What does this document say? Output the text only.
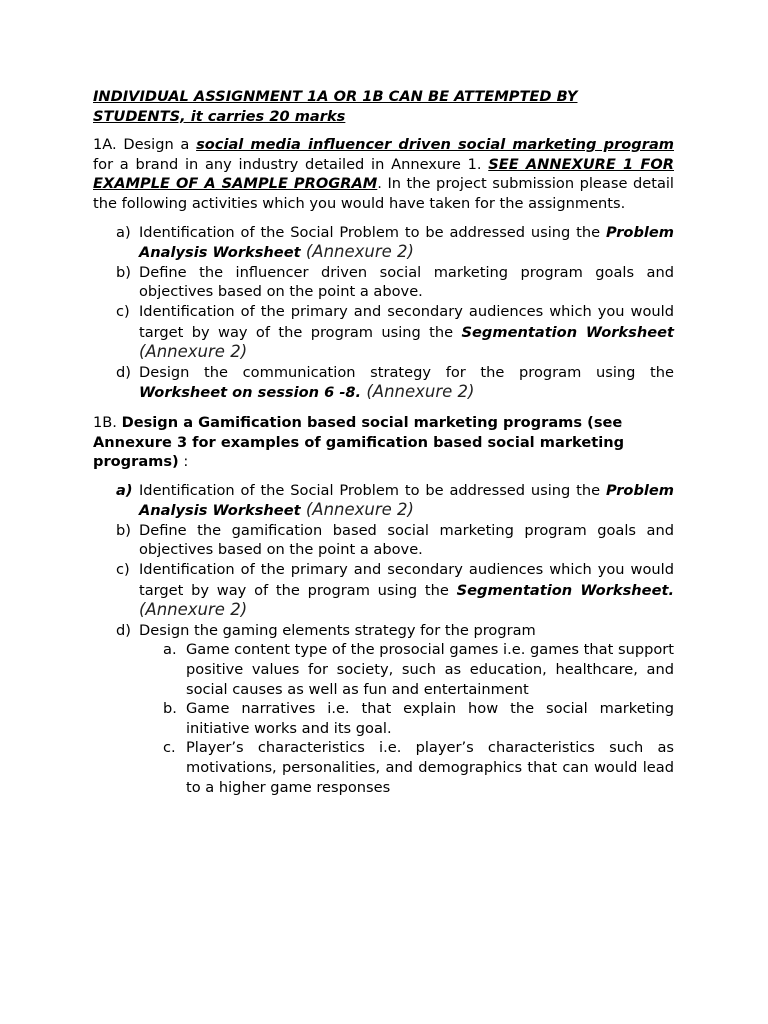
INDIVIDUAL ASSIGNMENT 1A OR 1B CAN BE ATTEMPTED BY STUDENTS, it carries 20 marks

1A. Design a social media influencer driven social marketing program for a brand in any industry detailed in Annexure 1. SEE ANNEXURE 1 FOR EXAMPLE OF A SAMPLE PROGRAM. In the project submission please detail the following activities which you would have taken for the assignments.

a) Identification of the Social Problem to be addressed using the Problem Analysis Worksheet (Annexure 2)
b) Define the influencer driven social marketing program goals and objectives based on the point a above.
c) Identification of the primary and secondary audiences which you would target by way of the program using the Segmentation Worksheet (Annexure 2)
d) Design the communication strategy for the program using the Worksheet on session 6 -8. (Annexure 2)

1B. Design a Gamification based social marketing programs (see Annexure 3 for examples of gamification based social marketing programs) :

a) Identification of the Social Problem to be addressed using the Problem Analysis Worksheet (Annexure 2)
b) Define the gamification based social marketing program goals and objectives based on the point a above.
c) Identification of the primary and secondary audiences which you would target by way of the program using the Segmentation Worksheet. (Annexure 2)
d) Design the gaming elements strategy for the program
a. Game content type of the prosocial games i.e. games that support positive values for society, such as education, healthcare, and social causes as well as fun and entertainment
b. Game narratives i.e. that explain how the social marketing initiative works and its goal.
c. Player’s characteristics i.e. player’s characteristics such as motivations, personalities, and demographics that can would lead to a higher game responses
